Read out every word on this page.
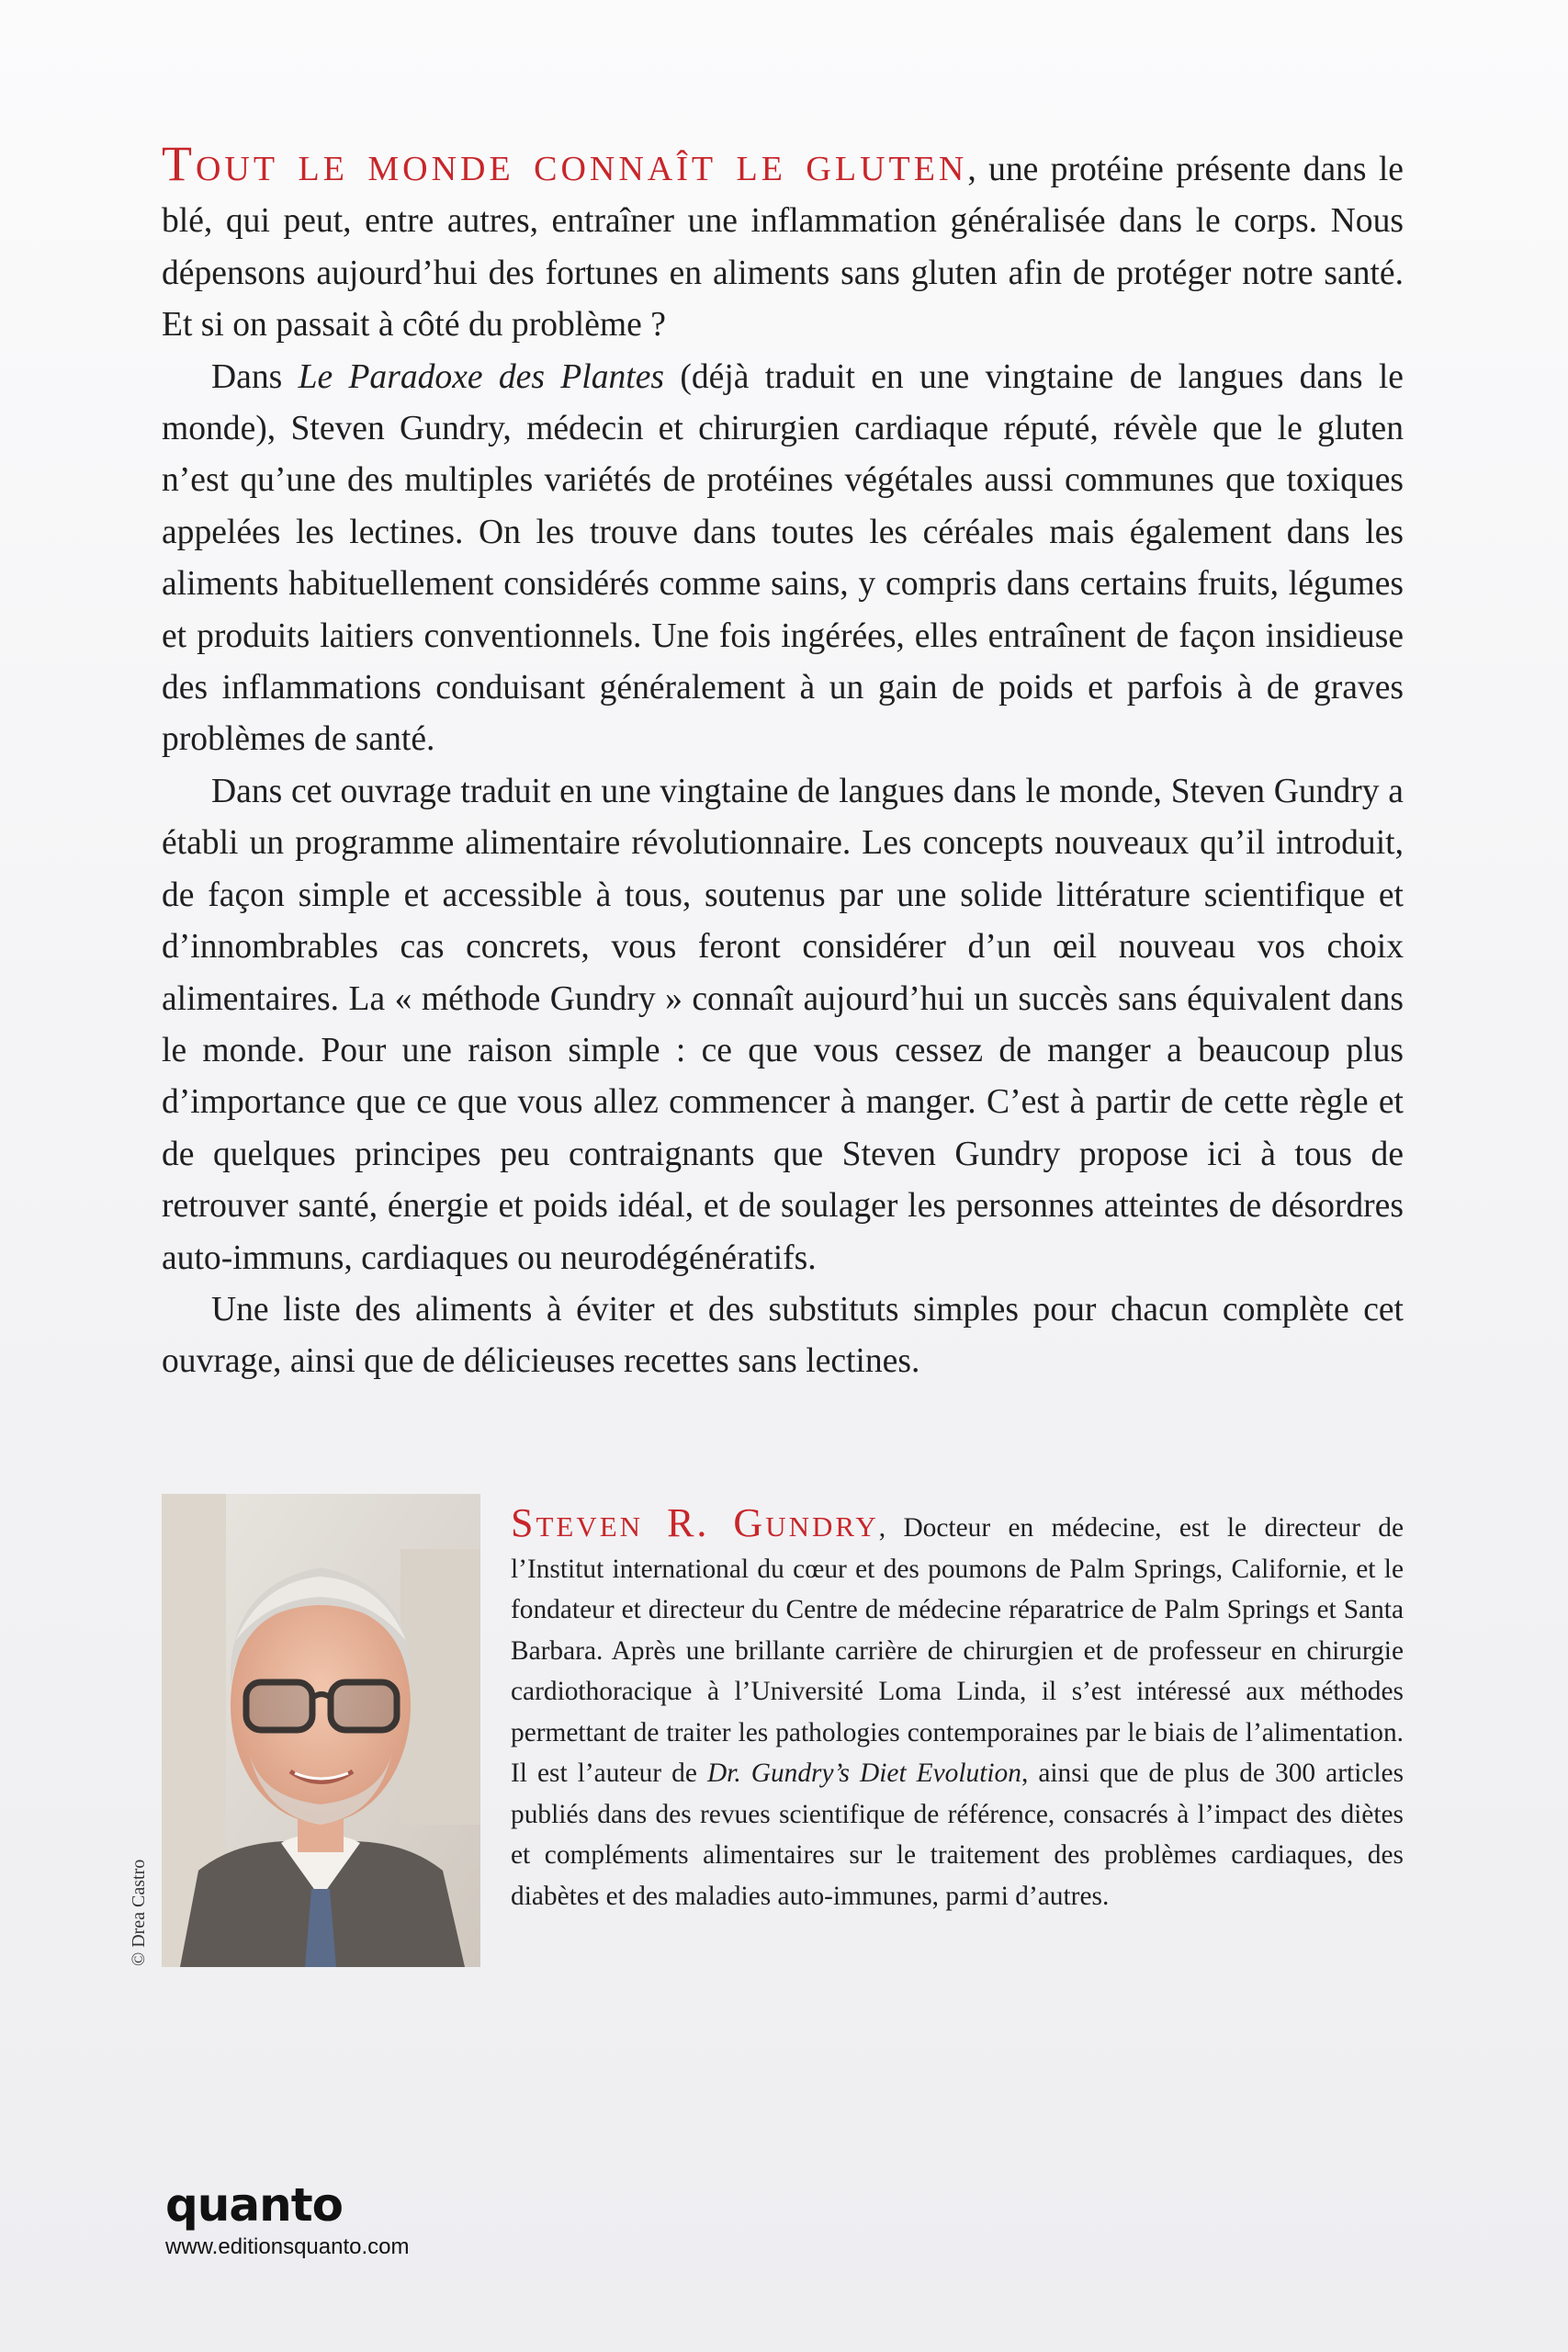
Tout le monde connaît le gluten, une protéine présente dans le blé, qui peut, entre autres, entraîner une inflammation généralisée dans le corps. Nous dépensons aujourd’hui des fortunes en aliments sans gluten afin de protéger notre santé. Et si on passait à côté du problème ?

Dans Le Paradoxe des Plantes (déjà traduit en une vingtaine de langues dans le monde), Steven Gundry, médecin et chirurgien cardiaque réputé, révèle que le gluten n’est qu’une des multiples variétés de protéines végétales aussi communes que toxiques appelées les lectines. On les trouve dans toutes les céréales mais également dans les aliments habituellement considérés comme sains, y compris dans certains fruits, légumes et produits laitiers conventionnels. Une fois ingérées, elles entraînent de façon insidieuse des inflammations conduisant généralement à un gain de poids et parfois à de graves problèmes de santé.

Dans cet ouvrage traduit en une vingtaine de langues dans le monde, Steven Gundry a établi un programme alimentaire révolutionnaire. Les concepts nouveaux qu’il introduit, de façon simple et accessible à tous, soutenus par une solide littérature scientifique et d’innombrables cas concrets, vous feront considérer d’un œil nouveau vos choix alimentaires. La « méthode Gundry » connaît aujourd’hui un succès sans équivalent dans le monde. Pour une raison simple : ce que vous cessez de manger a beaucoup plus d’importance que ce que vous allez commencer à manger. C’est à partir de cette règle et de quelques principes peu contraignants que Steven Gundry propose ici à tous de retrouver santé, énergie et poids idéal, et de soulager les personnes atteintes de désordres auto-immuns, cardiaques ou neurodégénératifs.

Une liste des aliments à éviter et des substituts simples pour chacun complète cet ouvrage, ainsi que de délicieuses recettes sans lectines.

© Drea Castro

Steven R. Gundry, Docteur en médecine, est le directeur de l’Institut international du cœur et des poumons de Palm Springs, Californie, et le fondateur et directeur du Centre de médecine réparatrice de Palm Springs et Santa Barbara. Après une brillante carrière de chirurgien et de professeur en chirurgie cardiothoracique à l’Université Loma Linda, il s’est intéressé aux méthodes permettant de traiter les pathologies contemporaines par le biais de l’alimentation. Il est l’auteur de Dr. Gundry’s Diet Evolution, ainsi que de plus de 300 articles publiés dans des revues scientifique de référence, consacrés à l’impact des diètes et compléments alimentaires sur le traitement des problèmes cardiaques, des diabètes et des maladies auto-immunes, parmi d’autres.

quanto
www.editionsquanto.com
